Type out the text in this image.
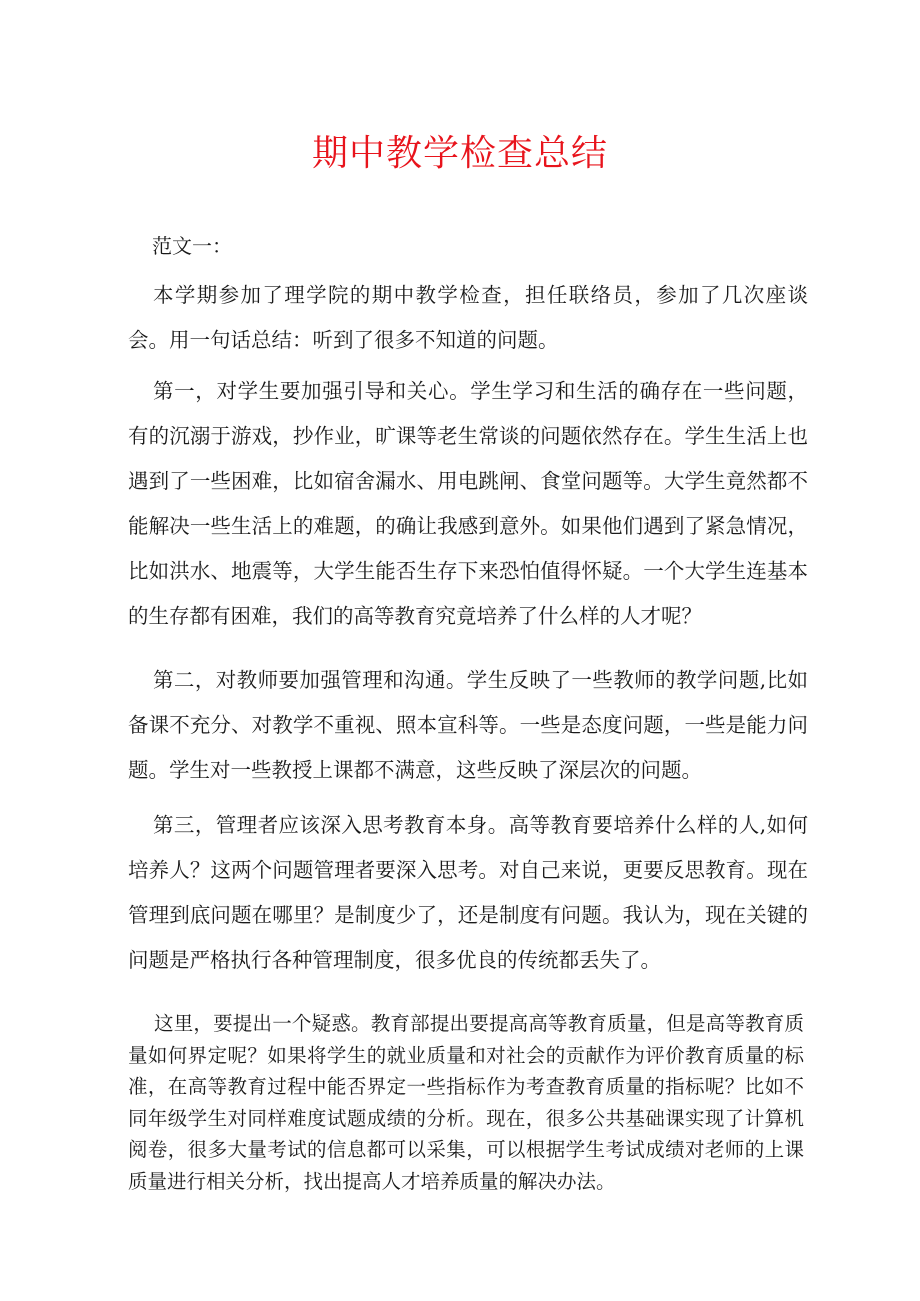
期中教学检查总结

范文一：

本学期参加了理学院的期中教学检查，担任联络员，参加了几次座谈会。用一句话总结：听到了很多不知道的问题。

第一，对学生要加强引导和关心。学生学习和生活的确存在一些问题，有的沉溺于游戏，抄作业，旷课等老生常谈的问题依然存在。学生生活上也遇到了一些困难，比如宿舍漏水、用电跳闸、食堂问题等。大学生竟然都不能解决一些生活上的难题，的确让我感到意外。如果他们遇到了紧急情况，比如洪水、地震等，大学生能否生存下来恐怕值得怀疑。一个大学生连基本的生存都有困难，我们的高等教育究竟培养了什么样的人才呢？

第二，对教师要加强管理和沟通。学生反映了一些教师的教学问题,比如备课不充分、对教学不重视、照本宣科等。一些是态度问题，一些是能力问题。学生对一些教授上课都不满意，这些反映了深层次的问题。

第三，管理者应该深入思考教育本身。高等教育要培养什么样的人,如何培养人？这两个问题管理者要深入思考。对自己来说，更要反思教育。现在管理到底问题在哪里？是制度少了，还是制度有问题。我认为，现在关键的问题是严格执行各种管理制度，很多优良的传统都丢失了。

这里，要提出一个疑惑。教育部提出要提高高等教育质量，但是高等教育质量如何界定呢？如果将学生的就业质量和对社会的贡献作为评价教育质量的标准，在高等教育过程中能否界定一些指标作为考查教育质量的指标呢？比如不同年级学生对同样难度试题成绩的分析。现在，很多公共基础课实现了计算机阅卷，很多大量考试的信息都可以采集，可以根据学生考试成绩对老师的上课质量进行相关分析，找出提高人才培养质量的解决办法。
